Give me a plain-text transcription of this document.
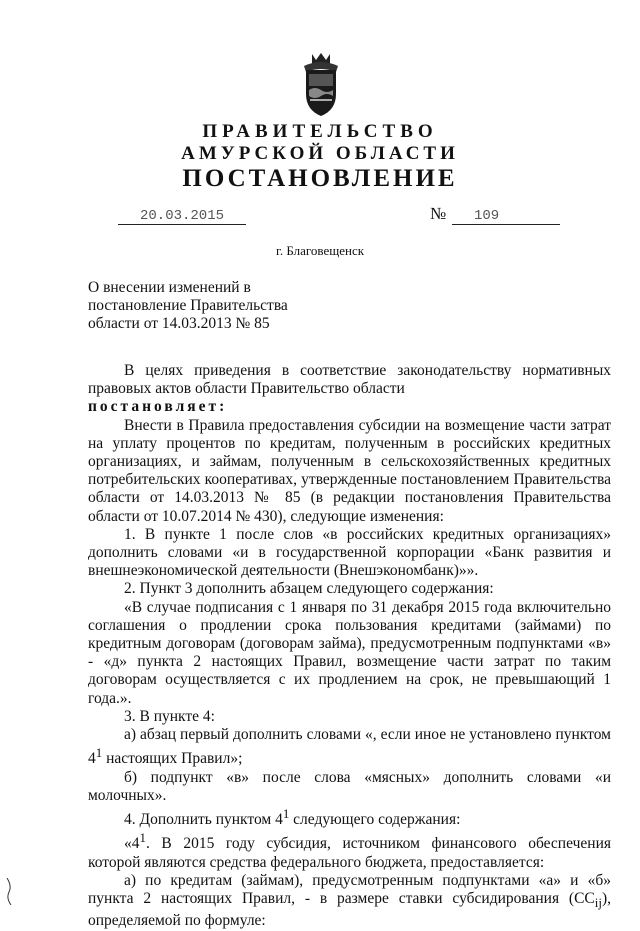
ПРАВИТЕЛЬСТВО
АМУРСКОЙ ОБЛАСТИ
ПОСТАНОВЛЕНИЕ
20.03.2015	№	109
г. Благовещенск
О внесении изменений в
постановление Правительства
области от 14.03.2013 № 85

В целях приведения в соответствие законодательству нормативных правовых актов области Правительство области

постановляет:

Внести в Правила предоставления субсидии на возмещение части затрат на уплату процентов по кредитам, полученным в российских кредитных организациях, и займам, полученным в сельскохозяйственных кредитных потребительских кооперативах, утвержденные постановлением Правительства области от 14.03.2013 № 85 (в редакции постановления Правительства области от 10.07.2014 № 430), следующие изменения:

1. В пункте 1 после слов «в российских кредитных организациях» дополнить словами «и в государственной корпорации «Банк развития и внешнеэкономической деятельности (Внешэкономбанк)»».

2. Пункт 3 дополнить абзацем следующего содержания:

«В случае подписания с 1 января по 31 декабря 2015 года включительно соглашения о продлении срока пользования кредитами (займами) по кредитным договорам (договорам займа), предусмотренным подпунктами «в» - «д» пункта 2 настоящих Правил, возмещение части затрат по таким договорам осуществляется с их продлением на срок, не превышающий 1 года.».

3. В пункте 4:

а) абзац первый дополнить словами «, если иное не установлено пунктом $4^1$ настоящих Правил»;

б) подпункт «в» после слова «мясных» дополнить словами «и молочных».

4. Дополнить пунктом $4^1$ следующего содержания:

«$4^1$. В 2015 году субсидия, источником финансового обеспечения которой являются средства федерального бюджета, предоставляется:

а) по кредитам (займам), предусмотренным подпунктами «а» и «б» пункта 2 настоящих Правил, - в размере ставки субсидирования $(СС_{ij})$, определяемой по формуле:
